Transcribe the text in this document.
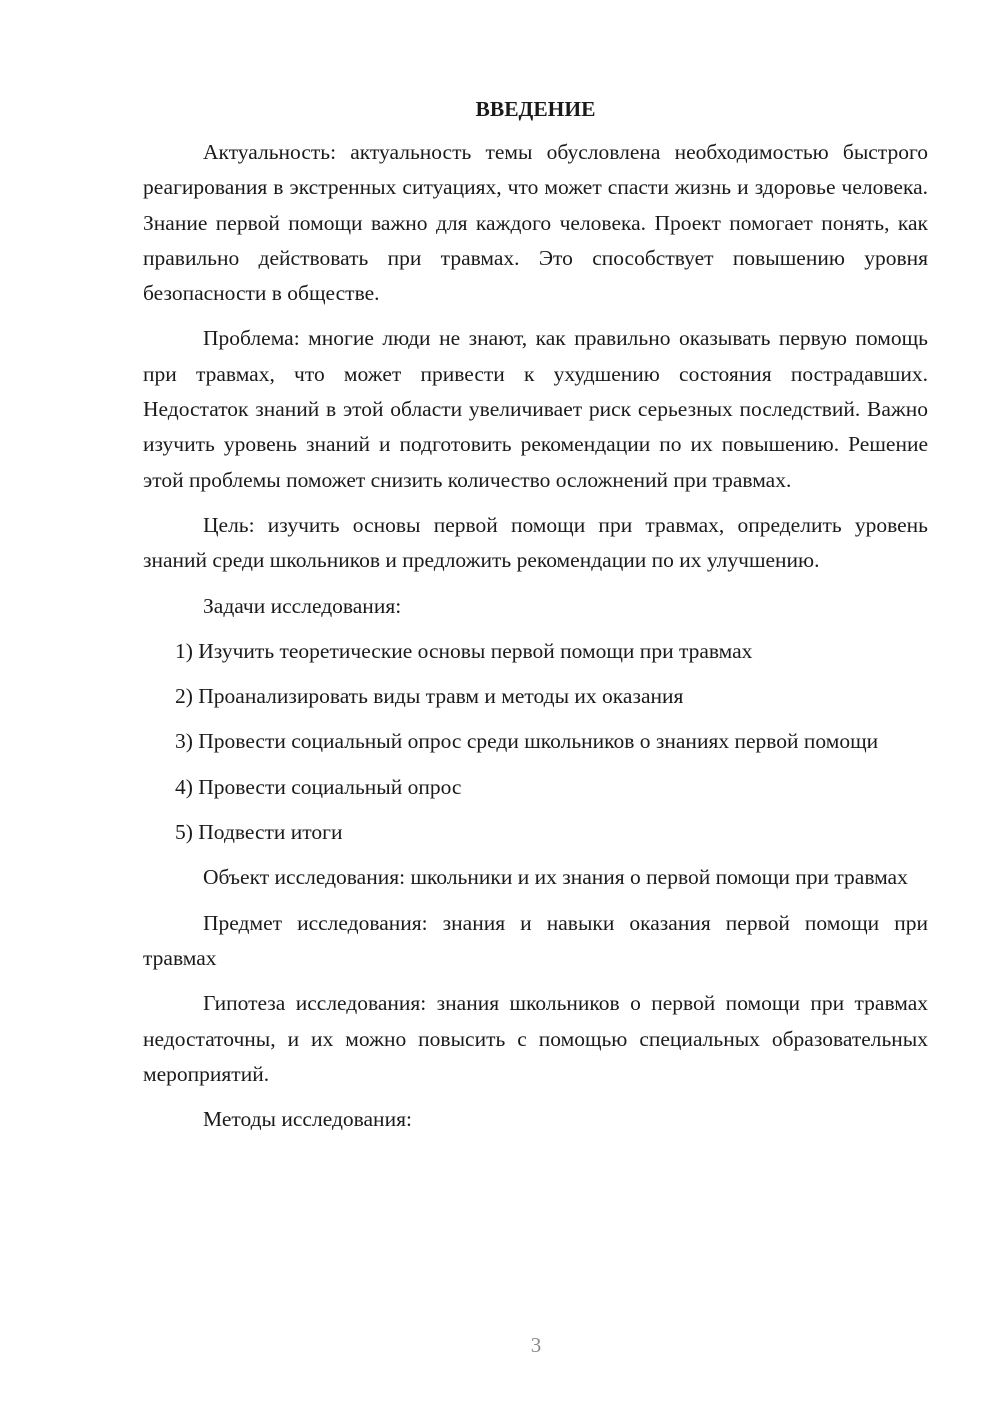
ВВЕДЕНИЕ

Актуальность: актуальность темы обусловлена необходимостью быстрого реагирования в экстренных ситуациях, что может спасти жизнь и здоровье человека. Знание первой помощи важно для каждого человека. Проект помогает понять, как правильно действовать при травмах. Это способствует повышению уровня безопасности в обществе.

Проблема: многие люди не знают, как правильно оказывать первую помощь при травмах, что может привести к ухудшению состояния пострадавших. Недостаток знаний в этой области увеличивает риск серьезных последствий. Важно изучить уровень знаний и подготовить рекомендации по их повышению. Решение этой проблемы поможет снизить количество осложнений при травмах.

Цель: изучить основы первой помощи при травмах, определить уровень знаний среди школьников и предложить рекомендации по их улучшению.

Задачи исследования:

1) Изучить теоретические основы первой помощи при травмах
2) Проанализировать виды травм и методы их оказания
3) Провести социальный опрос среди школьников о знаниях первой помощи
4) Провести социальный опрос
5) Подвести итоги

Объект исследования: школьники и их знания о первой помощи при травмах

Предмет исследования: знания и навыки оказания первой помощи при травмах

Гипотеза исследования: знания школьников о первой помощи при травмах недостаточны, и их можно повысить с помощью специальных образовательных мероприятий.

Методы исследования:

3
